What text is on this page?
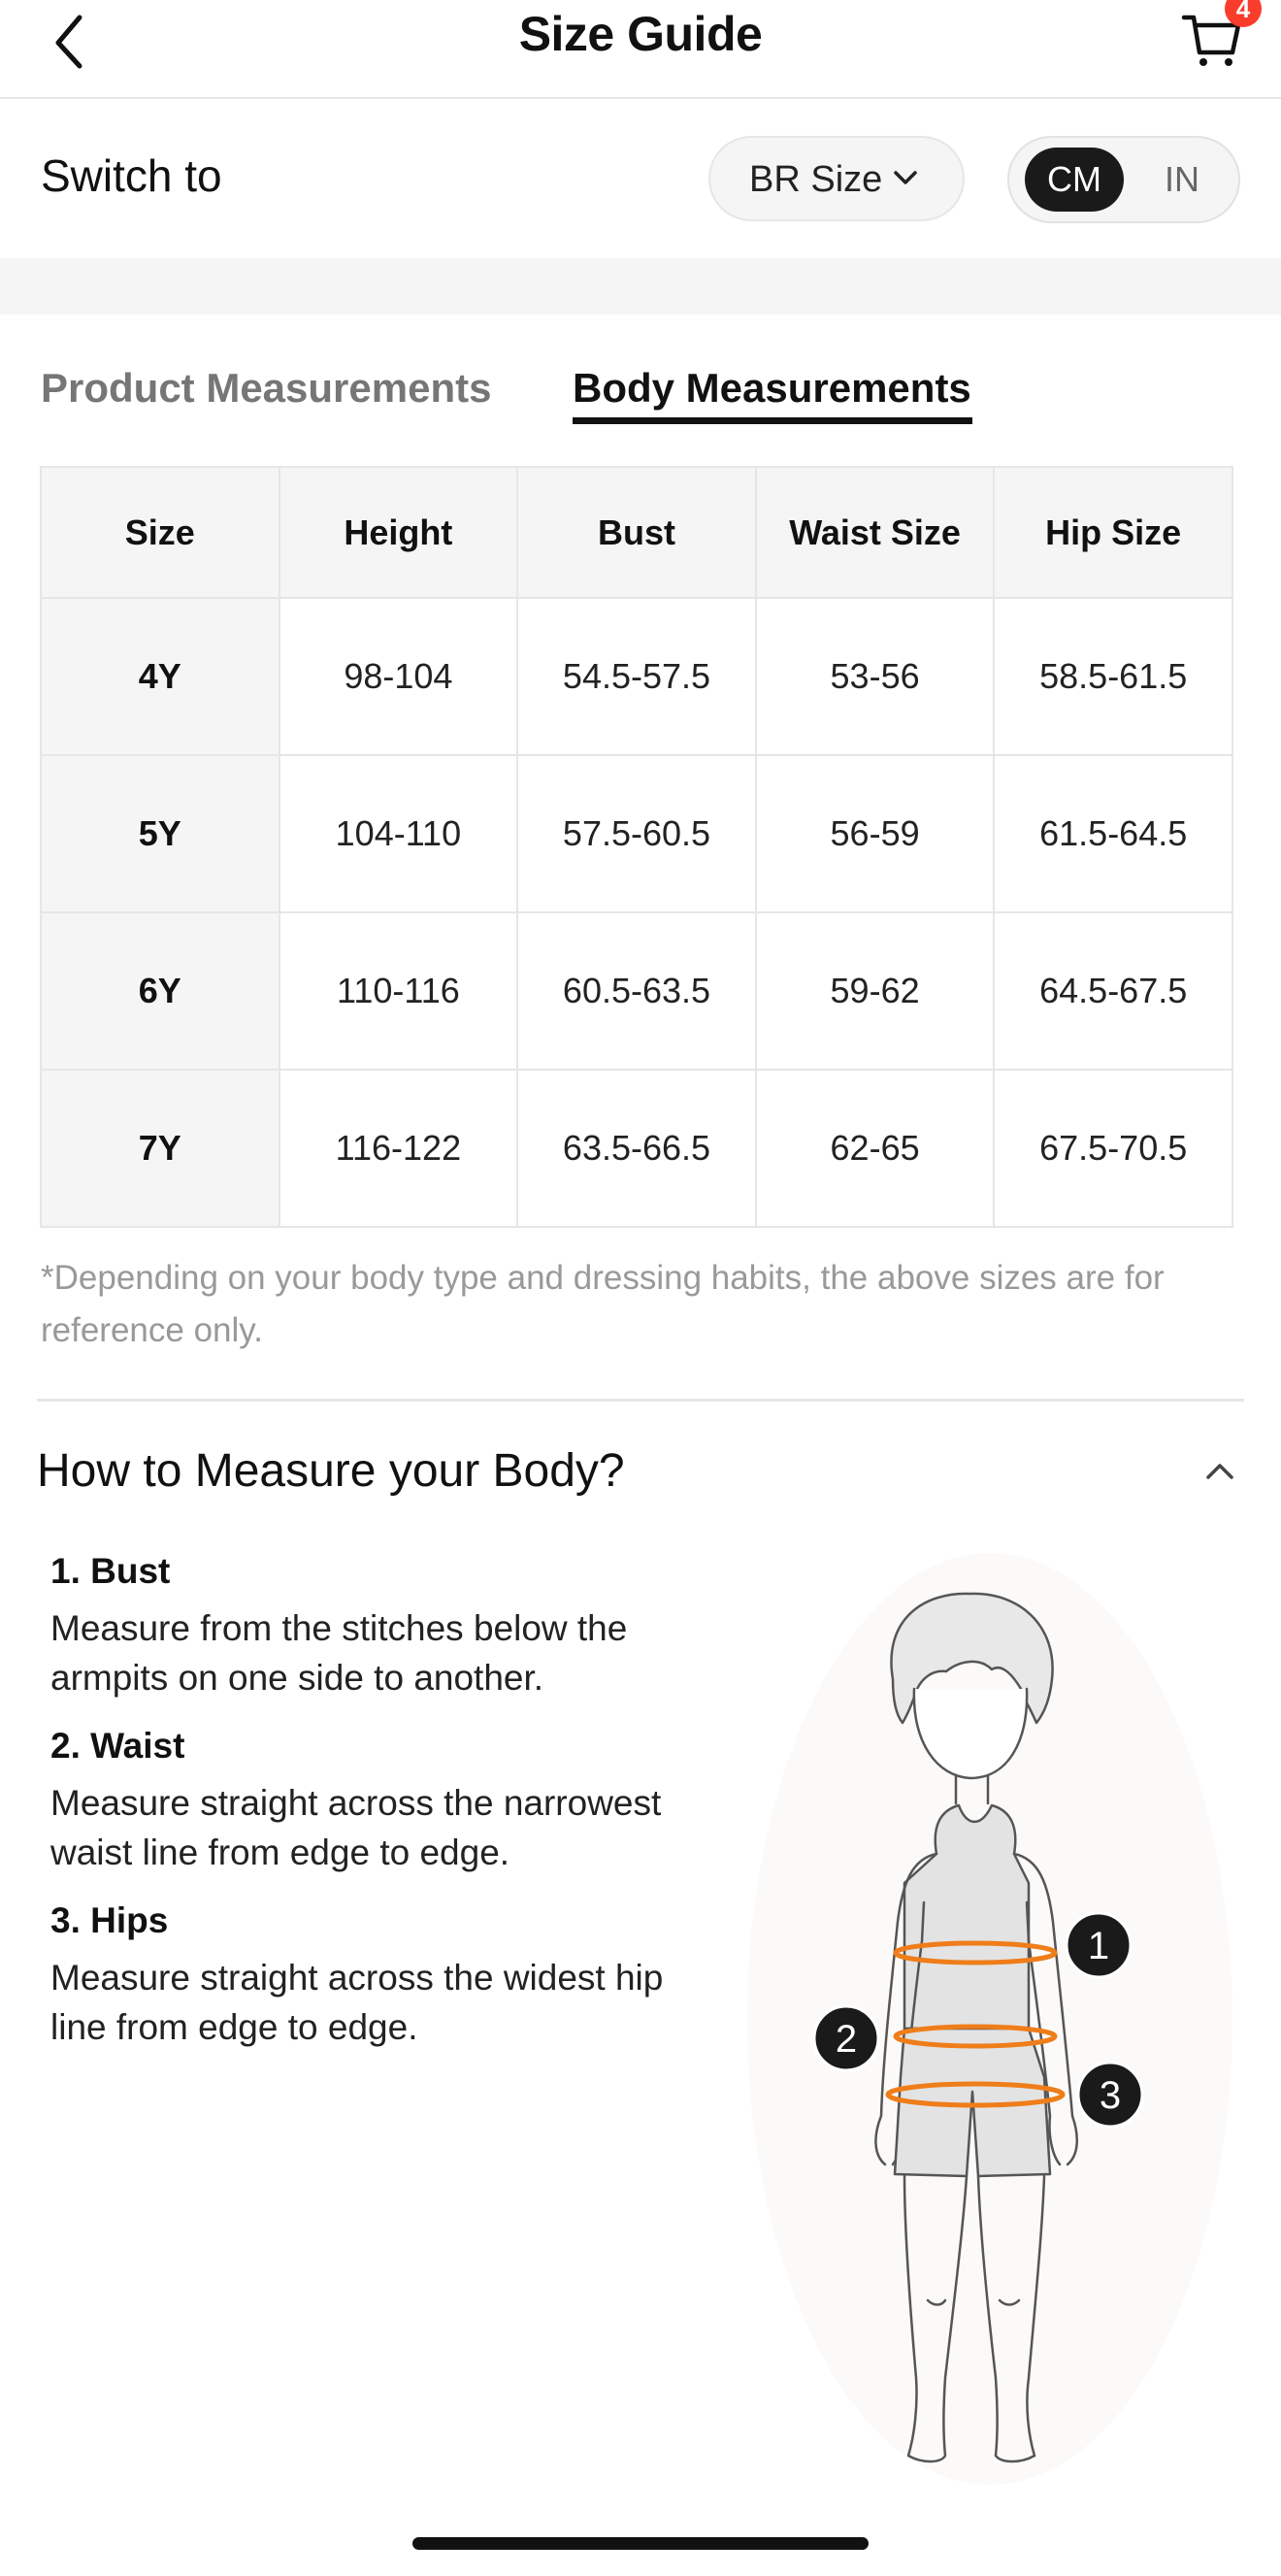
Size Guide	4
Switch to	BR Size	CM	IN
Product Measurements Body Measurements
Size	Height	Bust	Waist Size	Hip Size
4Y	98-104	54.5-57.5	53-56	58.5-61.5
5Y	104-110	57.5-60.5	56-59	61.5-64.5
6Y	110-116	60.5-63.5	59-62	64.5-67.5
7Y	116-122	63.5-66.5	62-65	67.5-70.5
*Depending on your body type and dressing habits, the above sizes are for reference only.
How to Measure your Body?
1. Bust

Measure from the stitches below the armpits on one side to another.

2. Waist

Measure straight across the narrowest waist line from edge to edge.

3. Hips

Measure straight across the widest hip line from edge to edge.

1
2
3
